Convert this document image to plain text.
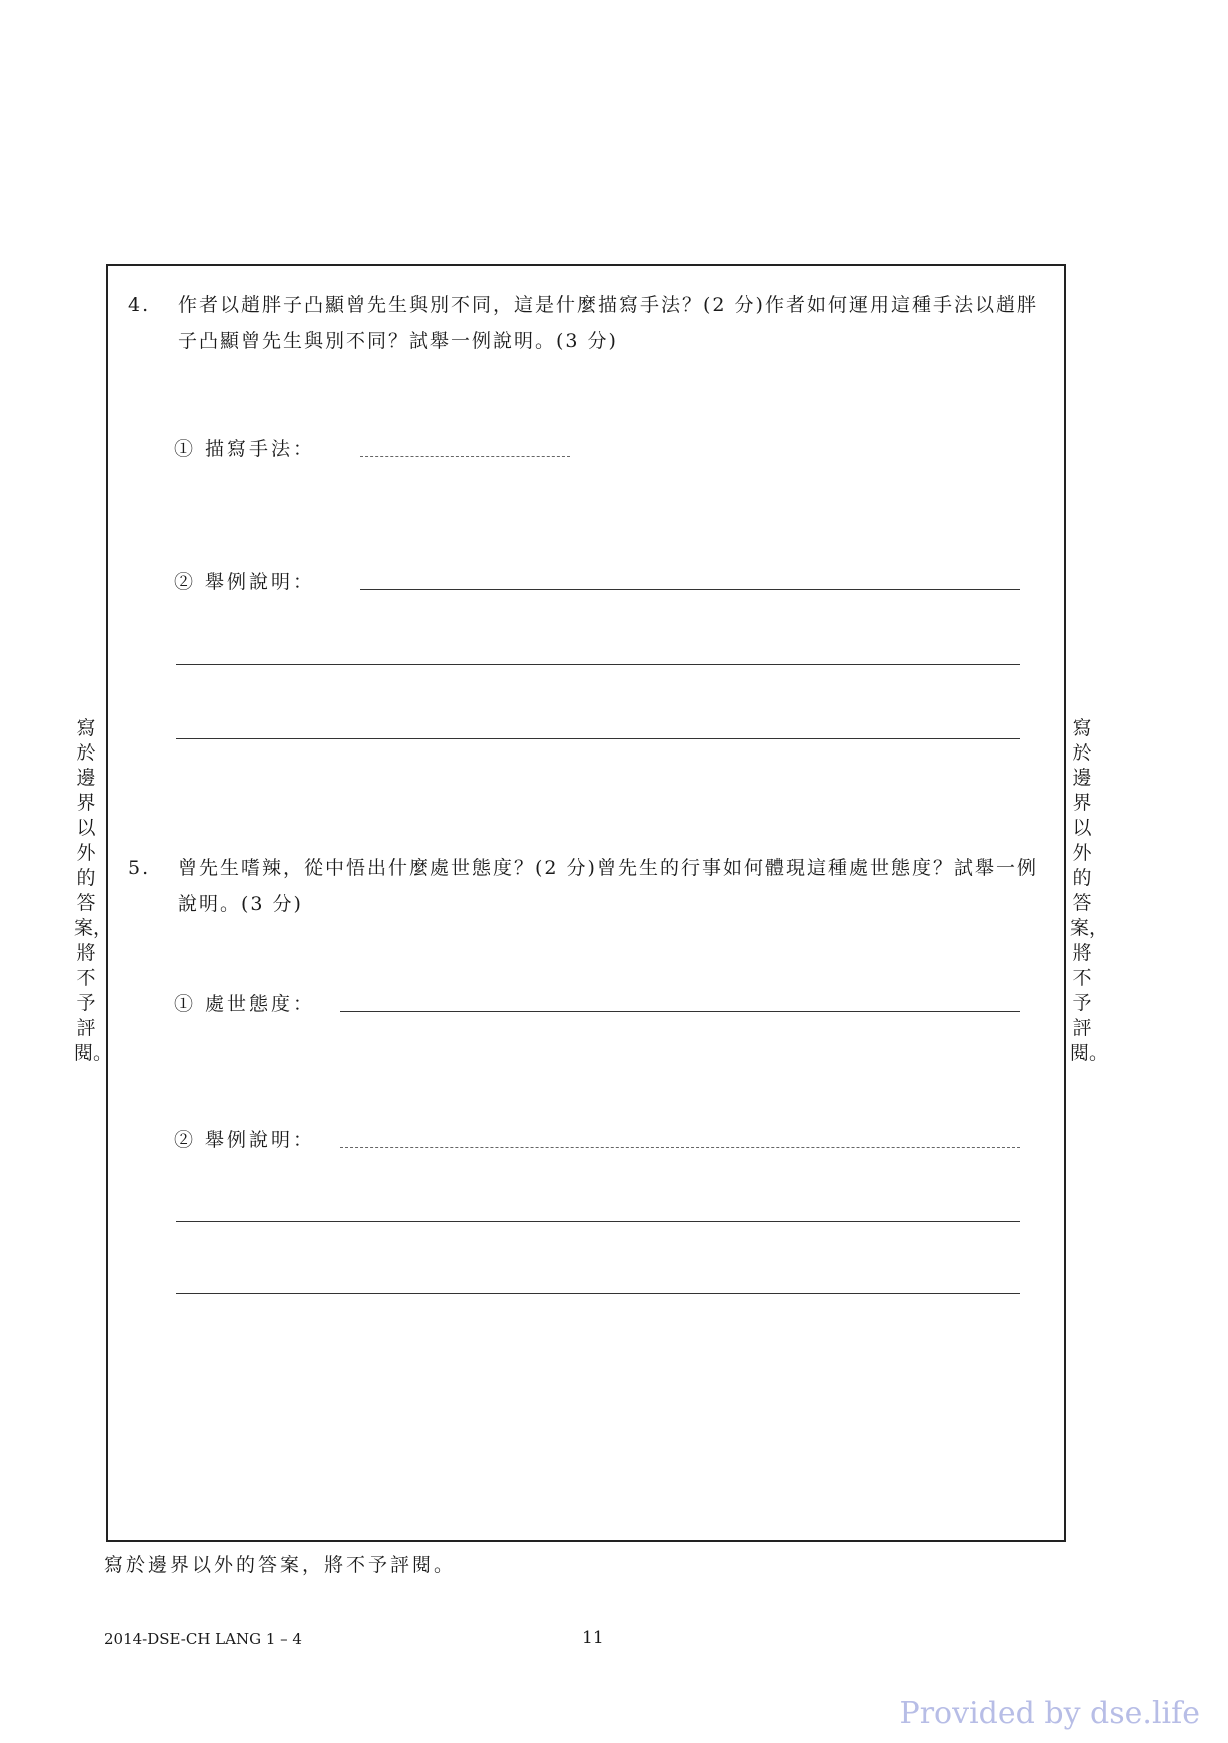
4.	作者以趙胖子凸顯曾先生與別不同，這是什麼描寫手法？(2 分)作者如何運用這種手法以趙胖子凸顯曾先生與別不同？試舉一例說明。(3 分)
① 描寫手法：
② 舉例說明：
5.	曾先生嗜辣，從中悟出什麼處世態度？(2 分)曾先生的行事如何體現這種處世態度？試舉一例說明。(3 分)
① 處世態度：
② 舉例說明：
寫於邊界以外的答案，將不予評閱。
寫於邊界以外的答案，將不予評閱。
寫於邊界以外的答案，將不予評閱。
2014-DSE-CH LANG 1 – 4	11
Provided by dse.life
